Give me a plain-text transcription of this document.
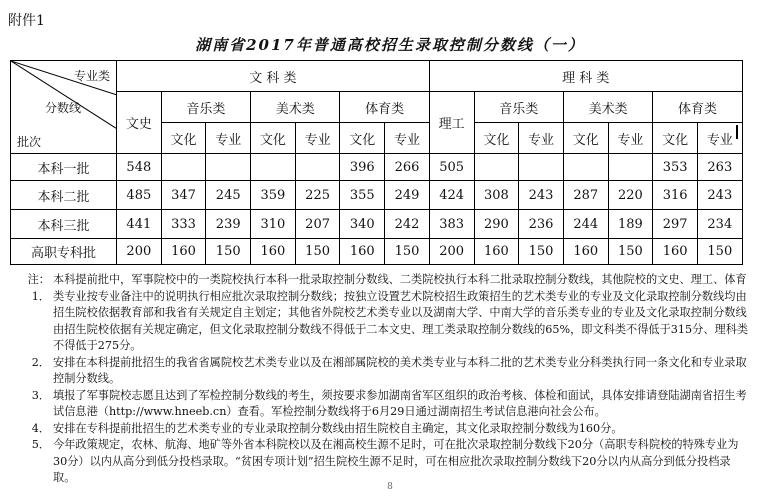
附件1
湖南省2017年普通高校招生录取控制分数线（一）
专业类
分数线
批次	文 科 类							理 科 类						
	文史	音乐类		美术类		体育类		理工	音乐类		美术类		体育类	
		文化	专业	文化	专业	文化	专业		文化	专业	文化	专业	文化	专业
本科一批	548					396	266	505					353	263
本科二批	485	347	245	359	225	355	249	424	308	243	287	220	316	243
本科三批	441	333	239	310	207	340	242	383	290	236	244	189	297	234
高职专科批	200	160	150	160	150	160	150	200	160	150	160	150	160	150
注：1．
本科提前批中，军事院校中的一类院校执行本科一批录取控制分数线、二类院校执行本科二批录取控制分数线，其他院校的文史、理工、体育类专业按专业备注中的说明执行相应批次录取控制分数线；按独立设置艺术院校招生政策招生的艺术类专业的专业及文化录取控制分数线均由招生院校依据教育部和我省有关规定自主划定；其他省外院校艺术类专业以及湖南大学、中南大学的音乐类专业的专业及文化录取控制分数线由招生院校依据有关规定确定，但文化录取控制分数线不得低于二本文史、理工类录取控制分数线的65%，即文科类不得低于315分、理科类不得低于275分。
2． 安排在本科提前批招生的我省省属院校艺术类专业以及在湘部属院校的美术类专业与本科二批的艺术类专业分科类执行同一条文化和专业录取控制分数线。
3． 填报了军事院校志愿且达到了军检控制分数线的考生，须按要求参加湖南省军区组织的政治考核、体检和面试，具体安排请登陆湖南省招生考试信息港（http://www.hneeb.cn）查看。军检控制分数线将于6月29日通过湖南招生考试信息港向社会公布。
4． 安排在专科提前批招生的艺术类专业的专业录取控制分数线由招生院校自主确定，其文化录取控制分数线为160分。
5． 今年政策规定，农林、航海、地矿等外省本科院校以及在湘高校生源不足时，可在批次录取控制分数线下20分（高职专科院校的特殊专业为30分）以内从高分到低分投档录取。“贫困专项计划”招生院校生源不足时，可在相应批次录取控制分数线下20分以内从高分到低分投档录取。
8
